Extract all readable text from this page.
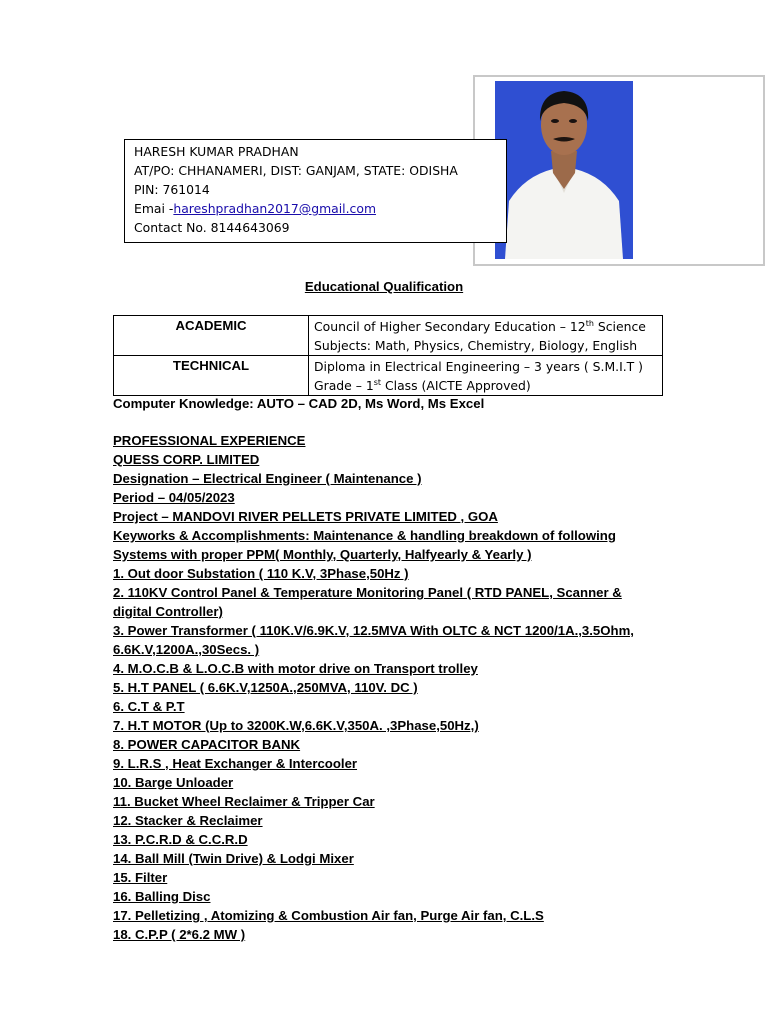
HARESH KUMAR PRADHAN
AT/PO: CHHANAMERI, DIST: GANJAM, STATE: ODISHA
PIN: 761014
Emai -hareshpradhan2017@gmail.com
Contact No. 8144643069
Educational Qualification
ACADEMIC	Council of Higher Secondary Education – 12th Science
Subjects: Math, Physics, Chemistry, Biology, English

TECHNICAL	Diploma in Electrical Engineering – 3 years ( S.M.I.T )
Grade – 1st Class (AICTE Approved)
Computer Knowledge: AUTO – CAD 2D, Ms Word, Ms Excel
PROFESSIONAL EXPERIENCE
QUESS CORP. LIMITED
Designation – Electrical Engineer ( Maintenance )
Period – 04/05/2023
Project – MANDOVI RIVER PELLETS PRIVATE LIMITED , GOA
Keyworks & Accomplishments: Maintenance & handling breakdown of following
Systems with proper PPM( Monthly, Quarterly, Halfyearly & Yearly )
1. Out door Substation ( 110 K.V, 3Phase,50Hz )
2. 110KV Control Panel & Temperature Monitoring Panel ( RTD PANEL, Scanner &
digital Controller)
3. Power Transformer ( 110K.V/6.9K.V, 12.5MVA With OLTC & NCT 1200/1A.,3.5Ohm,
6.6K.V,1200A.,30Secs. )
4. M.O.C.B & L.O.C.B with motor drive on Transport trolley
5. H.T PANEL ( 6.6K.V,1250A.,250MVA, 110V. DC )
6. C.T & P.T
7. H.T MOTOR (Up to 3200K.W,6.6K.V,350A. ,3Phase,50Hz,)
8. POWER CAPACITOR BANK
9. L.R.S , Heat Exchanger & Intercooler
10. Barge Unloader
11. Bucket Wheel Reclaimer & Tripper Car
12. Stacker & Reclaimer
13. P.C.R.D & C.C.R.D
14. Ball Mill (Twin Drive) & Lodgi Mixer
15. Filter
16. Balling Disc
17. Pelletizing , Atomizing & Combustion Air fan, Purge Air fan, C.L.S
18. C.P.P ( 2*6.2 MW )
